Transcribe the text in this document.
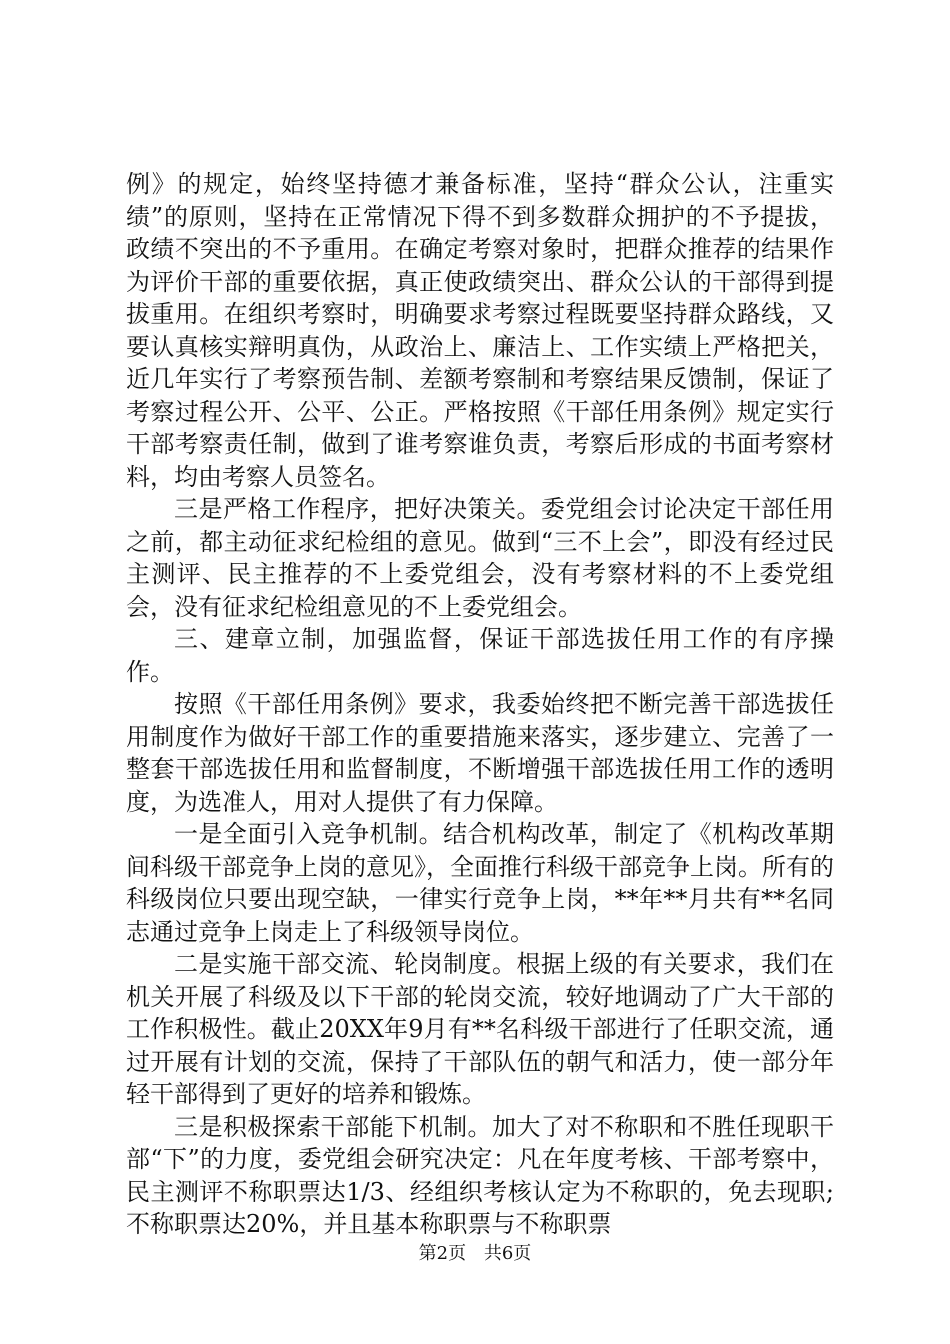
例》的规定，始终坚持德才兼备标准，坚持“群众公认，注重实绩”的原则，坚持在正常情况下得不到多数群众拥护的不予提拔，政绩不突出的不予重用。在确定考察对象时，把群众推荐的结果作为评价干部的重要依据，真正使政绩突出、群众公认的干部得到提拔重用。在组织考察时，明确要求考察过程既要坚持群众路线，又要认真核实辩明真伪，从政治上、廉洁上、工作实绩上严格把关，近几年实行了考察预告制、差额考察制和考察结果反馈制，保证了考察过程公开、公平、公正。严格按照《干部任用条例》规定实行干部考察责任制，做到了谁考察谁负责，考察后形成的书面考察材料，均由考察人员签名。

三是严格工作程序，把好决策关。委党组会讨论决定干部任用之前，都主动征求纪检组的意见。做到“三不上会”，即没有经过民主测评、民主推荐的不上委党组会，没有考察材料的不上委党组会，没有征求纪检组意见的不上委党组会。

三、建章立制，加强监督，保证干部选拔任用工作的有序操作。

按照《干部任用条例》要求，我委始终把不断完善干部选拔任用制度作为做好干部工作的重要措施来落实，逐步建立、完善了一整套干部选拔任用和监督制度，不断增强干部选拔任用工作的透明度，为选准人，用对人提供了有力保障。

一是全面引入竞争机制。结合机构改革，制定了《机构改革期间科级干部竞争上岗的意见》，全面推行科级干部竞争上岗。所有的科级岗位只要出现空缺，一律实行竞争上岗，**年**月共有**名同志通过竞争上岗走上了科级领导岗位。

二是实施干部交流、轮岗制度。根据上级的有关要求，我们在机关开展了科级及以下干部的轮岗交流，较好地调动了广大干部的工作积极性。截止20XX年9月有**名科级干部进行了任职交流，通过开展有计划的交流，保持了干部队伍的朝气和活力，使一部分年轻干部得到了更好的培养和锻炼。

三是积极探索干部能下机制。加大了对不称职和不胜任现职干部“下”的力度，委党组会研究决定：凡在年度考核、干部考察中，民主测评不称职票达1/3、经组织考核认定为不称职的，免去现职;不称职票达20%，并且基本称职票与不称职票

第2页 共6页
